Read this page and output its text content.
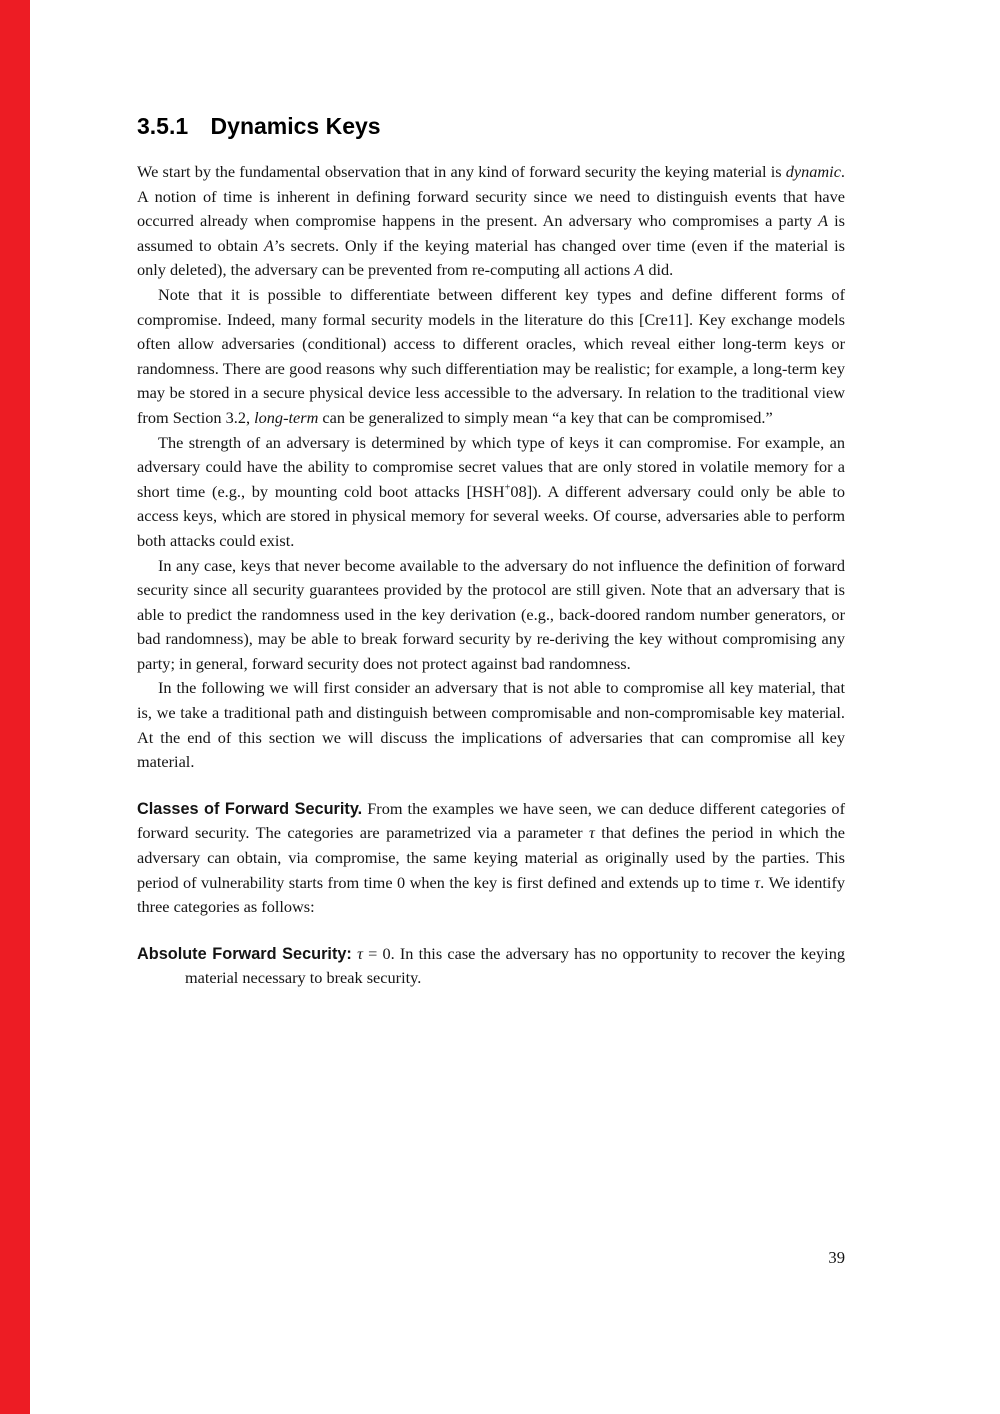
3.5.1 Dynamics Keys

We start by the fundamental observation that in any kind of forward security the keying material is dynamic. A notion of time is inherent in defining forward security since we need to distinguish events that have occurred already when compromise happens in the present. An adversary who compromises a party A is assumed to obtain A’s secrets. Only if the keying material has changed over time (even if the material is only deleted), the adversary can be prevented from re-computing all actions A did.

Note that it is possible to differentiate between different key types and define different forms of compromise. Indeed, many formal security models in the literature do this [Cre11]. Key exchange models often allow adversaries (conditional) access to different oracles, which reveal either long-term keys or randomness. There are good reasons why such differentiation may be realistic; for example, a long-term key may be stored in a secure physical device less accessible to the adversary. In relation to the traditional view from Section 3.2, long-term can be generalized to simply mean “a key that can be compromised.”

The strength of an adversary is determined by which type of keys it can compromise. For example, an adversary could have the ability to compromise secret values that are only stored in volatile memory for a short time (e.g., by mounting cold boot attacks [HSH+08]). A different adversary could only be able to access keys, which are stored in physical memory for several weeks. Of course, adversaries able to perform both attacks could exist.

In any case, keys that never become available to the adversary do not influence the definition of forward security since all security guarantees provided by the protocol are still given. Note that an adversary that is able to predict the randomness used in the key derivation (e.g., back-doored random number generators, or bad randomness), may be able to break forward security by re-deriving the key without compromising any party; in general, forward security does not protect against bad randomness.

In the following we will first consider an adversary that is not able to compromise all key material, that is, we take a traditional path and distinguish between compromisable and non-compromisable key material. At the end of this section we will discuss the implications of adversaries that can compromise all key material.

Classes of Forward Security. From the examples we have seen, we can deduce different categories of forward security. The categories are parametrized via a parameter τ that defines the period in which the adversary can obtain, via compromise, the same keying material as originally used by the parties. This period of vulnerability starts from time 0 when the key is first defined and extends up to time τ. We identify three categories as follows:

Absolute Forward Security: τ = 0. In this case the adversary has no opportunity to recover the keying material necessary to break security.

39
